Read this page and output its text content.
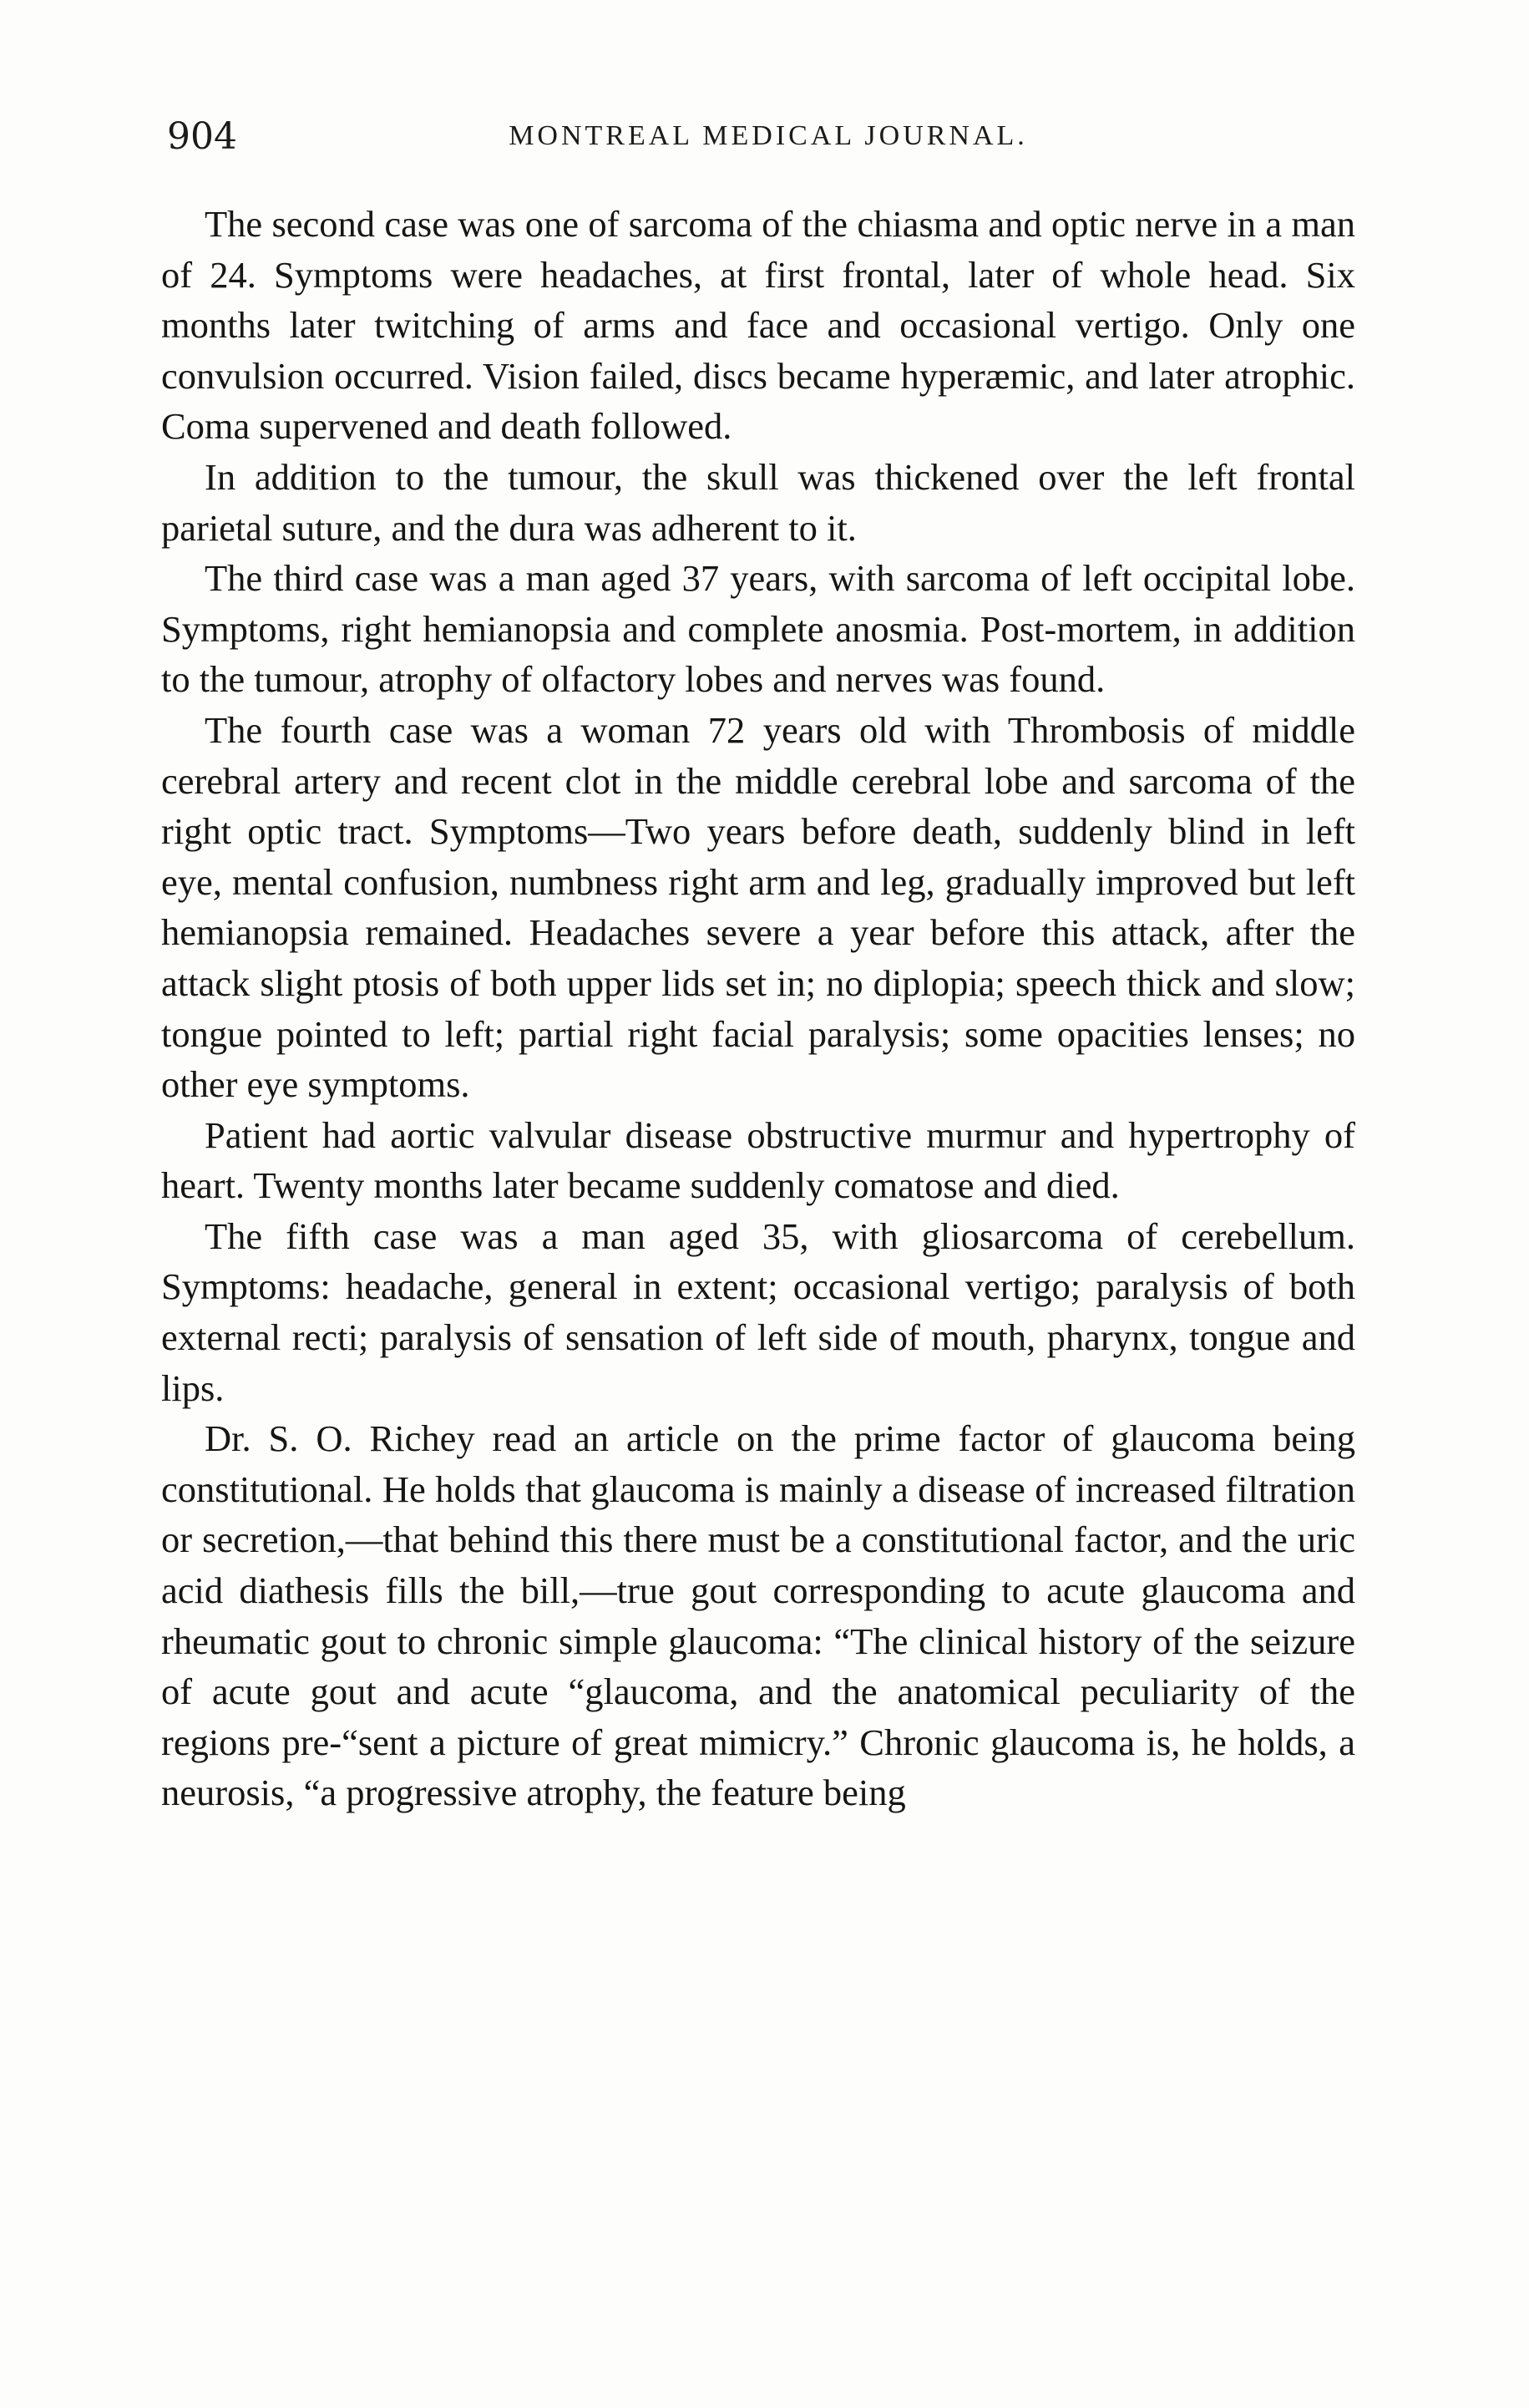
904	MONTREAL MEDICAL JOURNAL.

The second case was one of sarcoma of the chiasma and optic nerve in a man of 24. Symptoms were headaches, at first frontal, later of whole head. Six months later twitching of arms and face and occasional vertigo. Only one convulsion occurred. Vision failed, discs became hyperæmic, and later atrophic. Coma supervened and death followed.

In addition to the tumour, the skull was thickened over the left frontal parietal suture, and the dura was adherent to it.

The third case was a man aged 37 years, with sarcoma of left occipital lobe. Symptoms, right hemianopsia and complete anosmia. Post-mortem, in addition to the tumour, atrophy of olfactory lobes and nerves was found.

The fourth case was a woman 72 years old with Thrombosis of middle cerebral artery and recent clot in the middle cerebral lobe and sarcoma of the right optic tract. Symptoms—Two years before death, suddenly blind in left eye, mental confusion, numbness right arm and leg, gradually improved but left hemianopsia remained. Headaches severe a year before this attack, after the attack slight ptosis of both upper lids set in; no diplopia; speech thick and slow; tongue pointed to left; partial right facial paralysis; some opacities lenses; no other eye symptoms.

Patient had aortic valvular disease obstructive murmur and hypertrophy of heart. Twenty months later became suddenly comatose and died.

The fifth case was a man aged 35, with gliosarcoma of cerebellum. Symptoms: headache, general in extent; occasional vertigo; paralysis of both external recti; paralysis of sensation of left side of mouth, pharynx, tongue and lips.

Dr. S. O. Richey read an article on the prime factor of glaucoma being constitutional. He holds that glaucoma is mainly a disease of increased filtration or secretion,—that behind this there must be a constitutional factor, and the uric acid diathesis fills the bill,—true gout corresponding to acute glaucoma and rheumatic gout to chronic simple glaucoma: “The clinical history of the seizure of acute gout and acute “glaucoma, and the anatomical peculiarity of the regions pre-“sent a picture of great mimicry.” Chronic glaucoma is, he holds, a neurosis, “a progressive atrophy, the feature being
